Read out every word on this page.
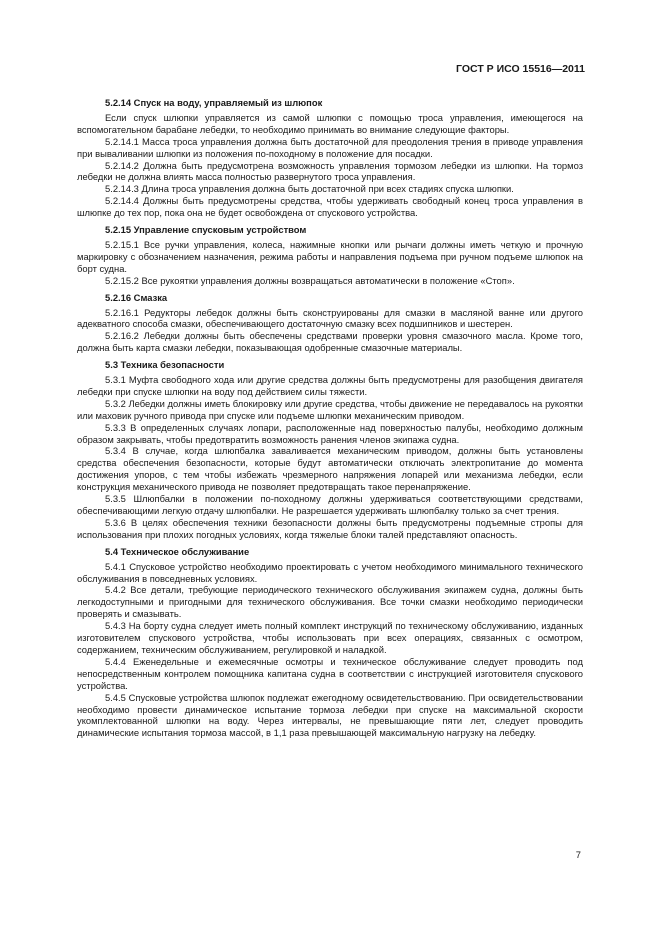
ГОСТ Р ИСО 15516—2011
5.2.14 Спуск на воду, управляемый из шлюпок

Если спуск шлюпки управляется из самой шлюпки с помощью троса управления, имеющегося на вспомогательном барабане лебедки, то необходимо принимать во внимание следующие факторы.

5.2.14.1 Масса троса управления должна быть достаточной для преодоления трения в приводе управления при вываливании шлюпки из положения по-походному в положение для посадки.

5.2.14.2 Должна быть предусмотрена возможность управления тормозом лебедки из шлюпки. На тормоз лебедки не должна влиять масса полностью развернутого троса управления.

5.2.14.3 Длина троса управления должна быть достаточной при всех стадиях спуска шлюпки.

5.2.14.4 Должны быть предусмотрены средства, чтобы удерживать свободный конец троса управления в шлюпке до тех пор, пока она не будет освобождена от спускового устройства.

5.2.15 Управление спусковым устройством

5.2.15.1 Все ручки управления, колеса, нажимные кнопки или рычаги должны иметь четкую и прочную маркировку с обозначением назначения, режима работы и направления подъема при ручном подъеме шлюпок на борт судна.

5.2.15.2 Все рукоятки управления должны возвращаться автоматически в положение «Стоп».

5.2.16 Смазка

5.2.16.1 Редукторы лебедок должны быть сконструированы для смазки в масляной ванне или другого адекватного способа смазки, обеспечивающего достаточную смазку всех подшипников и шестерен.

5.2.16.2 Лебедки должны быть обеспечены средствами проверки уровня смазочного масла. Кроме того, должна быть карта смазки лебедки, показывающая одобренные смазочные материалы.

5.3 Техника безопасности

5.3.1 Муфта свободного хода или другие средства должны быть предусмотрены для разобщения двигателя лебедки при спуске шлюпки на воду под действием силы тяжести.

5.3.2 Лебедки должны иметь блокировку или другие средства, чтобы движение не передавалось на рукоятки или маховик ручного привода при спуске или подъеме шлюпки механическим приводом.

5.3.3 В определенных случаях лопари, расположенные над поверхностью палубы, необходимо должным образом закрывать, чтобы предотвратить возможность ранения членов экипажа судна.

5.3.4 В случае, когда шлюпбалка заваливается механическим приводом, должны быть установлены средства обеспечения безопасности, которые будут автоматически отключать электропитание до момента достижения упоров, с тем чтобы избежать чрезмерного напряжения лопарей или механизма лебедки, если конструкция механического привода не позволяет предотвращать такое перенапряжение.

5.3.5 Шлюпбалки в положении по-походному должны удерживаться соответствующими средствами, обеспечивающими легкую отдачу шлюпбалки. Не разрешается удерживать шлюпбалку только за счет трения.

5.3.6 В целях обеспечения техники безопасности должны быть предусмотрены подъемные стропы для использования при плохих погодных условиях, когда тяжелые блоки талей представляют опасность.

5.4 Техническое обслуживание

5.4.1 Спусковое устройство необходимо проектировать с учетом необходимого минимального технического обслуживания в повседневных условиях.

5.4.2 Все детали, требующие периодического технического обслуживания экипажем судна, должны быть легкодоступными и пригодными для технического обслуживания. Все точки смазки необходимо периодически проверять и смазывать.

5.4.3 На борту судна следует иметь полный комплект инструкций по техническому обслуживанию, изданных изготовителем спускового устройства, чтобы использовать при всех операциях, связанных с осмотром, содержанием, техническим обслуживанием, регулировкой и наладкой.

5.4.4 Еженедельные и ежемесячные осмотры и техническое обслуживание следует проводить под непосредственным контролем помощника капитана судна в соответствии с инструкцией изготовителя спускового устройства.

5.4.5 Спусковые устройства шлюпок подлежат ежегодному освидетельствованию. При освидетельствовании необходимо провести динамическое испытание тормоза лебедки при спуске на максимальной скорости укомплектованной шлюпки на воду. Через интервалы, не превышающие пяти лет, следует проводить динамические испытания тормоза массой, в 1,1 раза превышающей максимальную нагрузку на лебедку.

7
